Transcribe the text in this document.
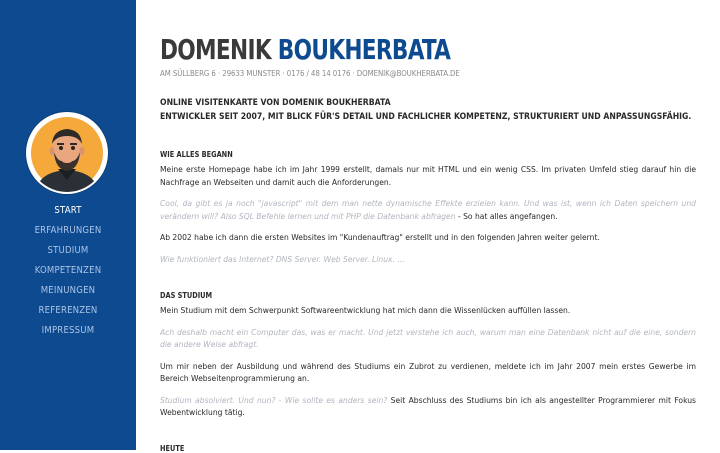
START
ERFAHRUNGEN
STUDIUM
KOMPETENZEN
MEINUNGEN
REFERENZEN
IMPRESSUM
DOMENIK BOUKHERBATA
AM SÜLLBERG 6 · 29633 MUNSTER · 0176 / 48 14 0176 · DOMENIK@BOUKHERBATA.DE
ONLINE VISITENKARTE VON DOMENIK BOUKHERBATA
ENTWICKLER SEIT 2007, MIT BLICK FÜR'S DETAIL UND FACHLICHER KOMPETENZ, STRUKTURIERT UND ANPASSUNGSFÄHIG.
WIE ALLES BEGANN

Meine erste Homepage habe ich im Jahr 1999 erstellt, damals nur mit HTML und ein wenig CSS. Im privaten Umfeld stieg darauf hin die Nachfrage an Webseiten und damit auch die Anforderungen.

Cool, da gibt es ja noch "javascript" mit dem man nette dynamische Effekte erzielen kann. Und was ist, wenn ich Daten speichern und verändern will? Also SQL Befehle lernen und mit PHP die Datenbank abfragen - So hat alles angefangen.

Ab 2002 habe ich dann die ersten Websites im "Kundenauftrag" erstellt und in den folgenden Jahren weiter gelernt.

Wie funktioniert das Internet? DNS Server. Web Server. Linux. ...

DAS STUDIUM

Mein Studium mit dem Schwerpunkt Softwareentwicklung hat mich dann die Wissenlücken auffüllen lassen.

Ach deshalb macht ein Computer das, was er macht. Und jetzt verstehe ich auch, warum man eine Datenbank nicht auf die eine, sondern die andere Weise abfragt.

Um mir neben der Ausbildung und während des Studiums ein Zubrot zu verdienen, meldete ich im Jahr 2007 mein erstes Gewerbe im Bereich Webseitenprogrammierung an.

Studium absolviert. Und nun? - Wie sollte es anders sein? Seit Abschluss des Studiums bin ich als angestellter Programmierer mit Fokus Webentwicklung tätig.

HEUTE
